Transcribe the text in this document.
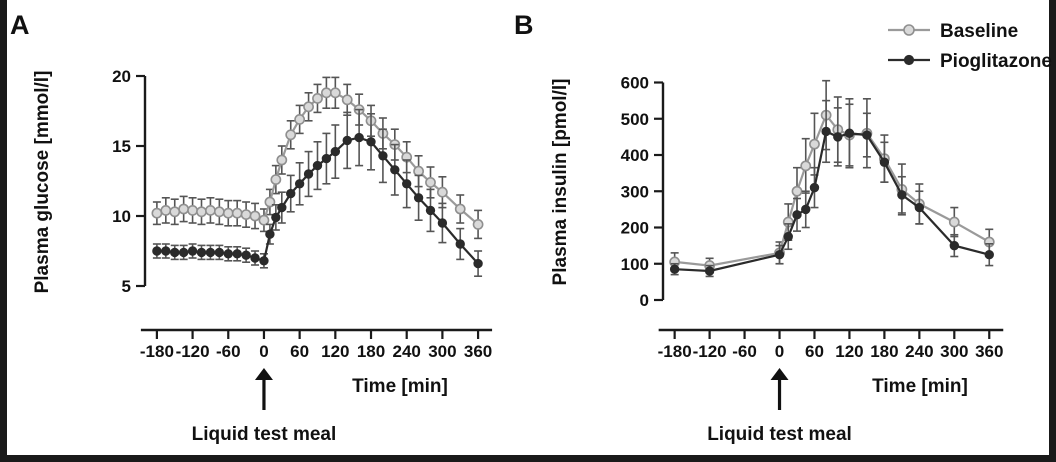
A
5
10
15
20
Plasma glucose [mmol/l]
-180 -120 -60 0 60 120 180 240 300 360
Time [min]
Liquid test meal
B
0
100
200
300
400
500
600
Plasma insulin [pmol/l]
-180 -120 -60 0 60 120 180 240 300 360
Time [min]
Liquid test meal
Baseline
Pioglitazone
